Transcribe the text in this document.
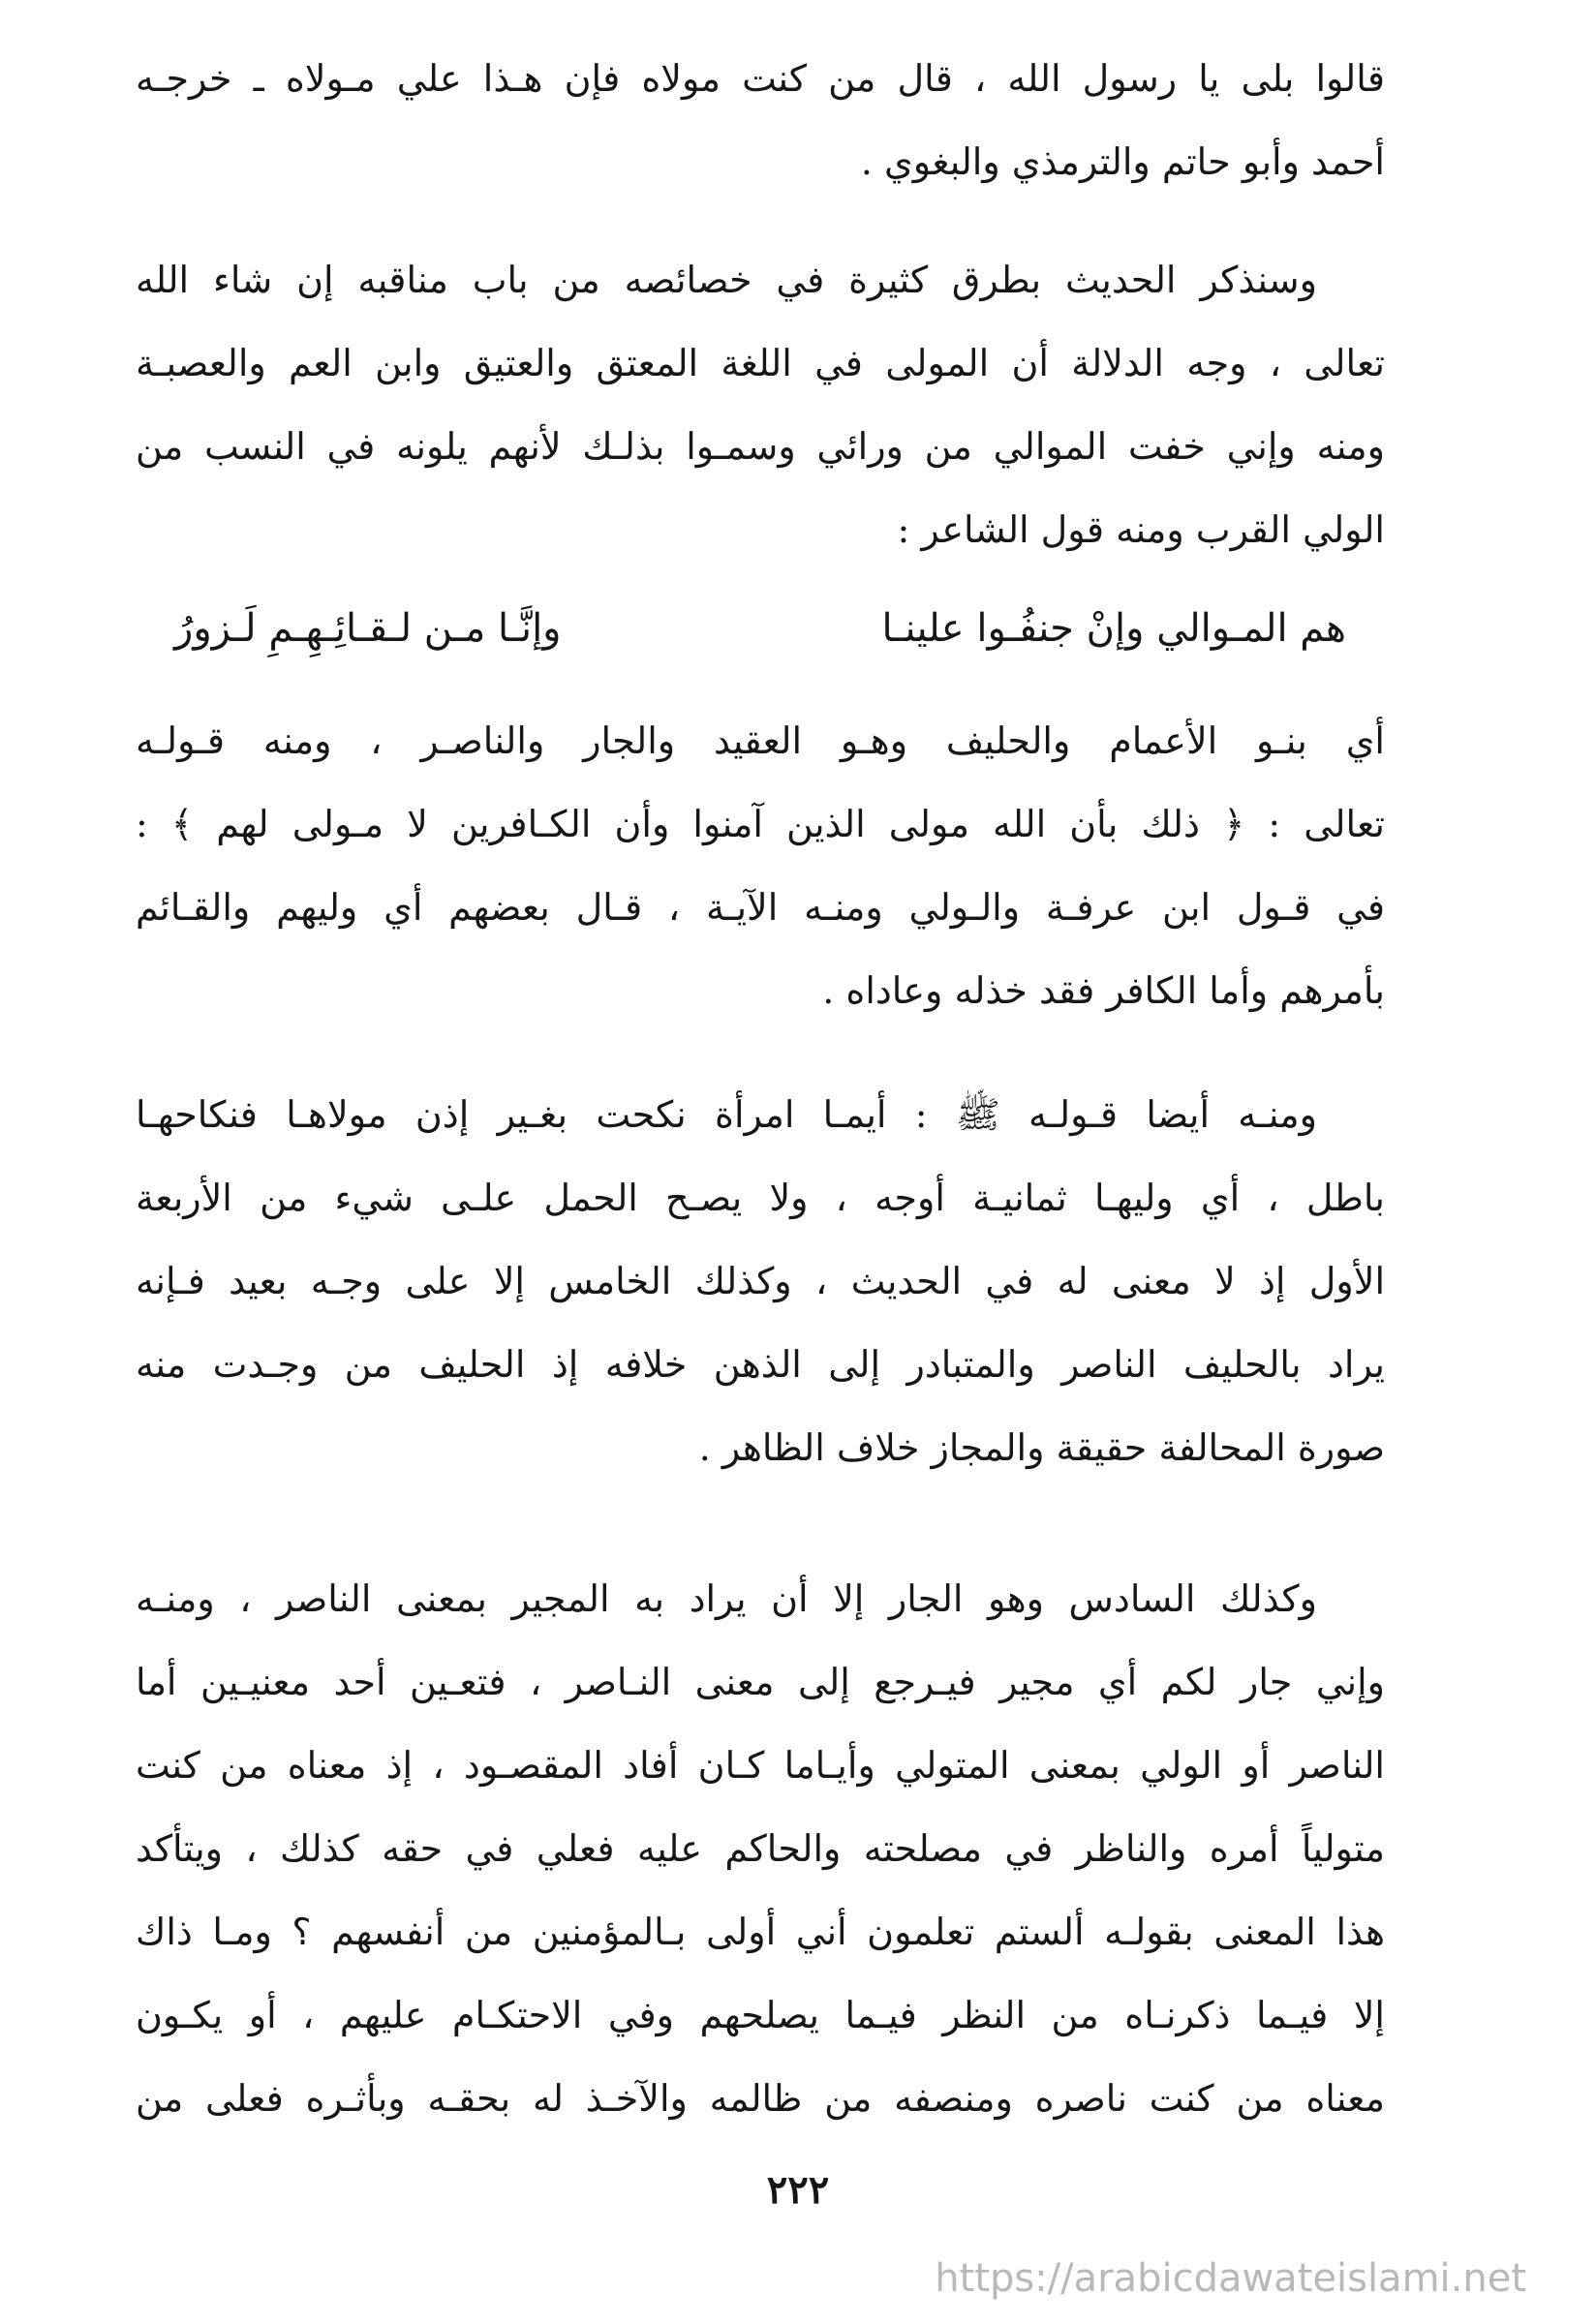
قالوا بلى يا رسول الله ، قال من كنت مولاه فإن هـذا علي مـولاه ـ خرجـه
أحمد وأبو حاتم والترمذي والبغوي .
وسنذكر الحديث بطرق كثيرة في خصائصه من باب مناقبه إن شاء الله
تعالى ، وجه الدلالة أن المولى في اللغة المعتق والعتيق وابن العم والعصبـة
ومنه وإني خفت الموالي من ورائي وسمـوا بذلـك لأنهم يلونه في النسب من
الولي القرب ومنه قول الشاعر :
هم المـوالي وإنْ جنفُـوا علينـا
وإنَّـا مـن لـقـائِـهِـمِ لَـزورُ
أي بنـو الأعمام والحليف وهـو العقيد والجار والناصـر ، ومنه قـولـه
تعالى : ﴿ ذلك بأن الله مولى الذين آمنوا وأن الكـافرين لا مـولى لهم ﴾ :
في قـول ابن عرفـة والـولي ومنـه الآيـة ، قـال بعضهم أي وليهم والقـائم
بأمرهم وأما الكافر فقد خذله وعاداه .
ومنـه أيضا قـولـه ﷺ : أيمـا امرأة نكحت بغـير إذن مولاهـا فنكاحهـا
باطل ، أي وليهـا ثمانيـة أوجه ، ولا يصـح الحمل علـى شيء من الأربعة
الأول إذ لا معنى له في الحديث ، وكذلك الخامس إلا على وجـه بعيد فـإنه
يراد بالحليف الناصر والمتبادر إلى الذهن خلافه إذ الحليف من وجـدت منه
صورة المحالفة حقيقة والمجاز خلاف الظاهر .
وكذلك السادس وهو الجار إلا أن يراد به المجير بمعنى الناصر ، ومنـه
وإني جار لكم أي مجير فيـرجع إلى معنى النـاصر ، فتعـين أحد معنيـين أما
الناصر أو الولي بمعنى المتولي وأيـاما كـان أفاد المقصـود ، إذ معناه من كنت
متولياً أمره والناظر في مصلحته والحاكم عليه فعلي في حقه كذلك ، ويتأكد
هذا المعنى بقولـه ألستم تعلمون أني أولى بـالمؤمنين من أنفسهم ؟ ومـا ذاك
إلا فيـما ذكرنـاه من النظر فيـما يصلحهم وفي الاحتكـام عليهم ، أو يكـون
معناه من كنت ناصره ومنصفه من ظالمه والآخـذ له بحقـه وبأثـره فعلى من
٢٢٢
https://arabicdawateislami.net
